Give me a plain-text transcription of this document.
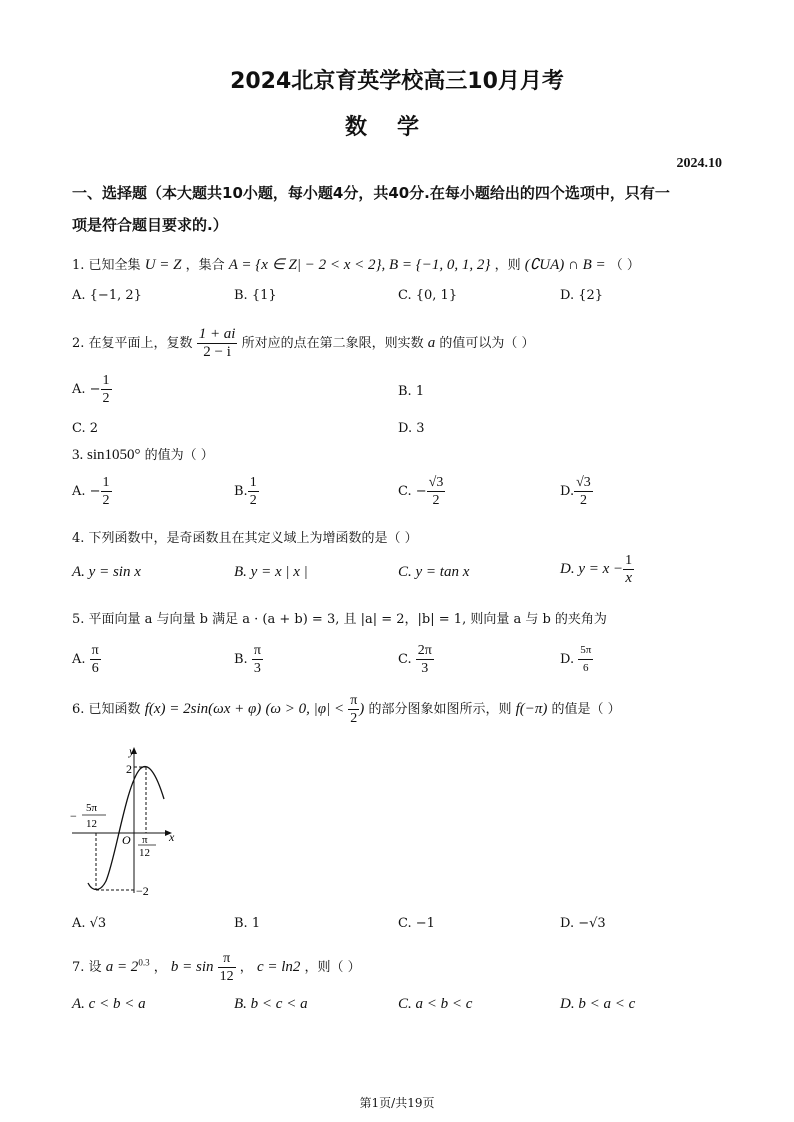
2024北京育英学校高三10月月考
数学
2024.10
一、选择题（本大题共10小题，每小题4分，共40分.在每小题给出的四个选项中，只有一
项是符合题目要求的.）
1. 已知全集 U = Z ，集合 A = {x ∈ Z| − 2 < x < 2}, B = {−1, 0, 1, 2} ，则 (∁UA) ∩ B = （ ）
A. {−1, 2}	B. {1}	C. {0, 1}	D. {2}
2. 在复平面上，复数 $\frac{1 + ai}{2 - i}$ 所对应的点在第二象限，则实数 a 的值可以为（ ）
A. − $\frac{1}{2}$	B. 1
C. 2	D. 3
3. sin1050° 的值为（ ）
A. − $\frac{1}{2}$	B. $\frac{1}{2}$	C. − $\frac{√3}{2}$	D. $\frac{√3}{2}$
4. 下列函数中，是奇函数且在其定义域上为增函数的是（ ）
A. y = sin x	B. y = x | x |	C. y = tan x	D. $y = x - \frac{1}{x}$
5. 平面向量 a 与向量 b 满足 a · (a + b) = 3, 且 |a| = 2，|b| = 1, 则向量 a 与 b 的夹角为
A. $\frac{\pi}{6}$	B. $\frac{\pi}{3}$	C. $\frac{2\pi}{3}$	D. $\frac{5\pi}{6}$
6. 已知函数 f(x) = 2sin(ωx + φ) (ω > 0, $|\varphi| < \frac{\pi}{2}$ ) 的部分图象如图所示，则 f(−π) 的值是（ ）
y
x
O
2
−2
−
5π
12
π
12
A. √3	B. 1	C. −1	D. −√3
7. 设 $a = 2^{0.3}$ ， $b = \sin \frac{\pi}{12}$ ， c = ln2 ，则（ ）
A. c < b < a	B. b < c < a	C. a < b < c	D. b < a < c
第1页/共19页
